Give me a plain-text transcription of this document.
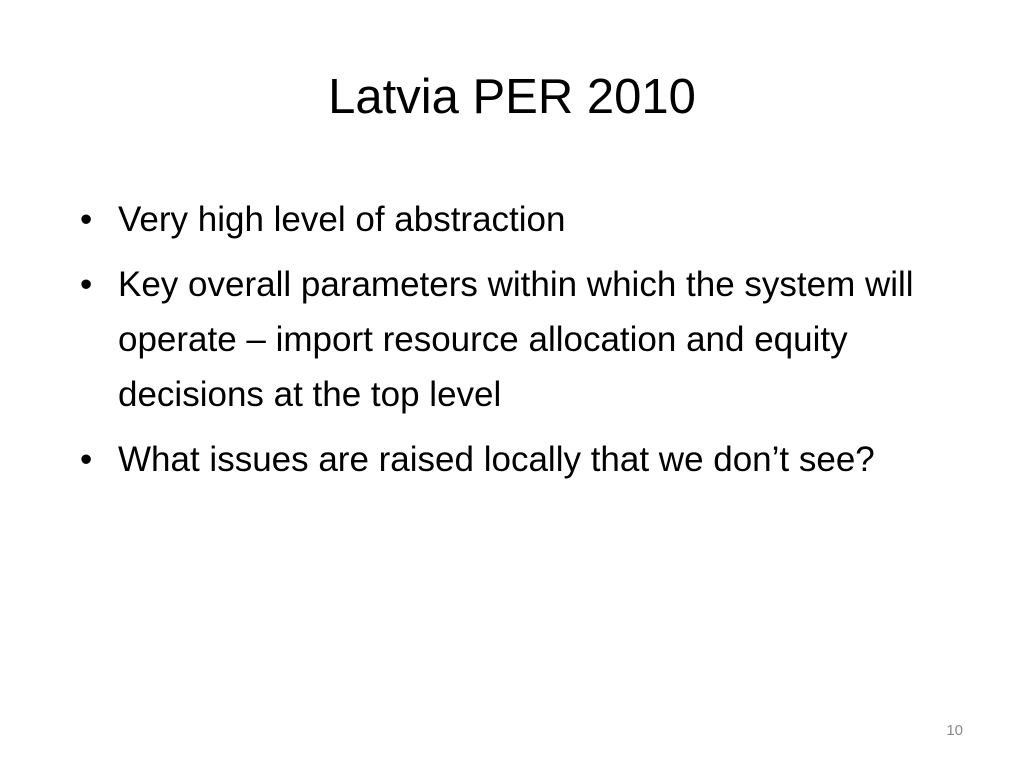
Latvia PER 2010
• Very high level of abstraction
• Key overall parameters within which the system will operate – import resource allocation and equity decisions at the top level
• What issues are raised locally that we don’t see?
10
